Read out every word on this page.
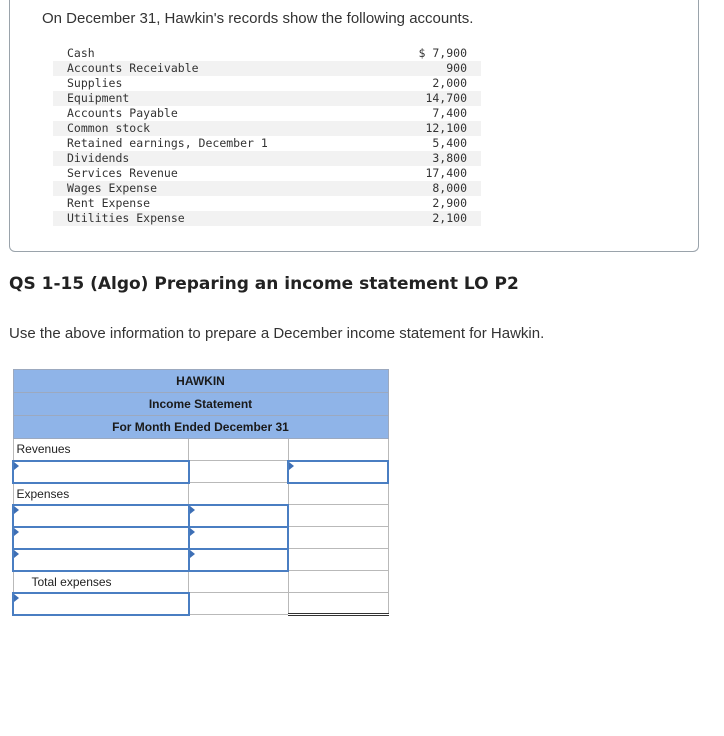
On December 31, Hawkin's records show the following accounts.
Cash	$ 7,900
Accounts Receivable	900
Supplies	2,000
Equipment	14,700
Accounts Payable	7,400
Common stock	12,100
Retained earnings, December 1	5,400
Dividends	3,800
Services Revenue	17,400
Wages Expense	8,000
Rent Expense	2,900
Utilities Expense	2,100
QS 1-15 (Algo) Preparing an income statement LO P2
Use the above information to prepare a December income statement for Hawkin.
HAWKIN		
Income Statement		
For Month Ended December 31		
Revenues		

Expenses		

Total expenses		
